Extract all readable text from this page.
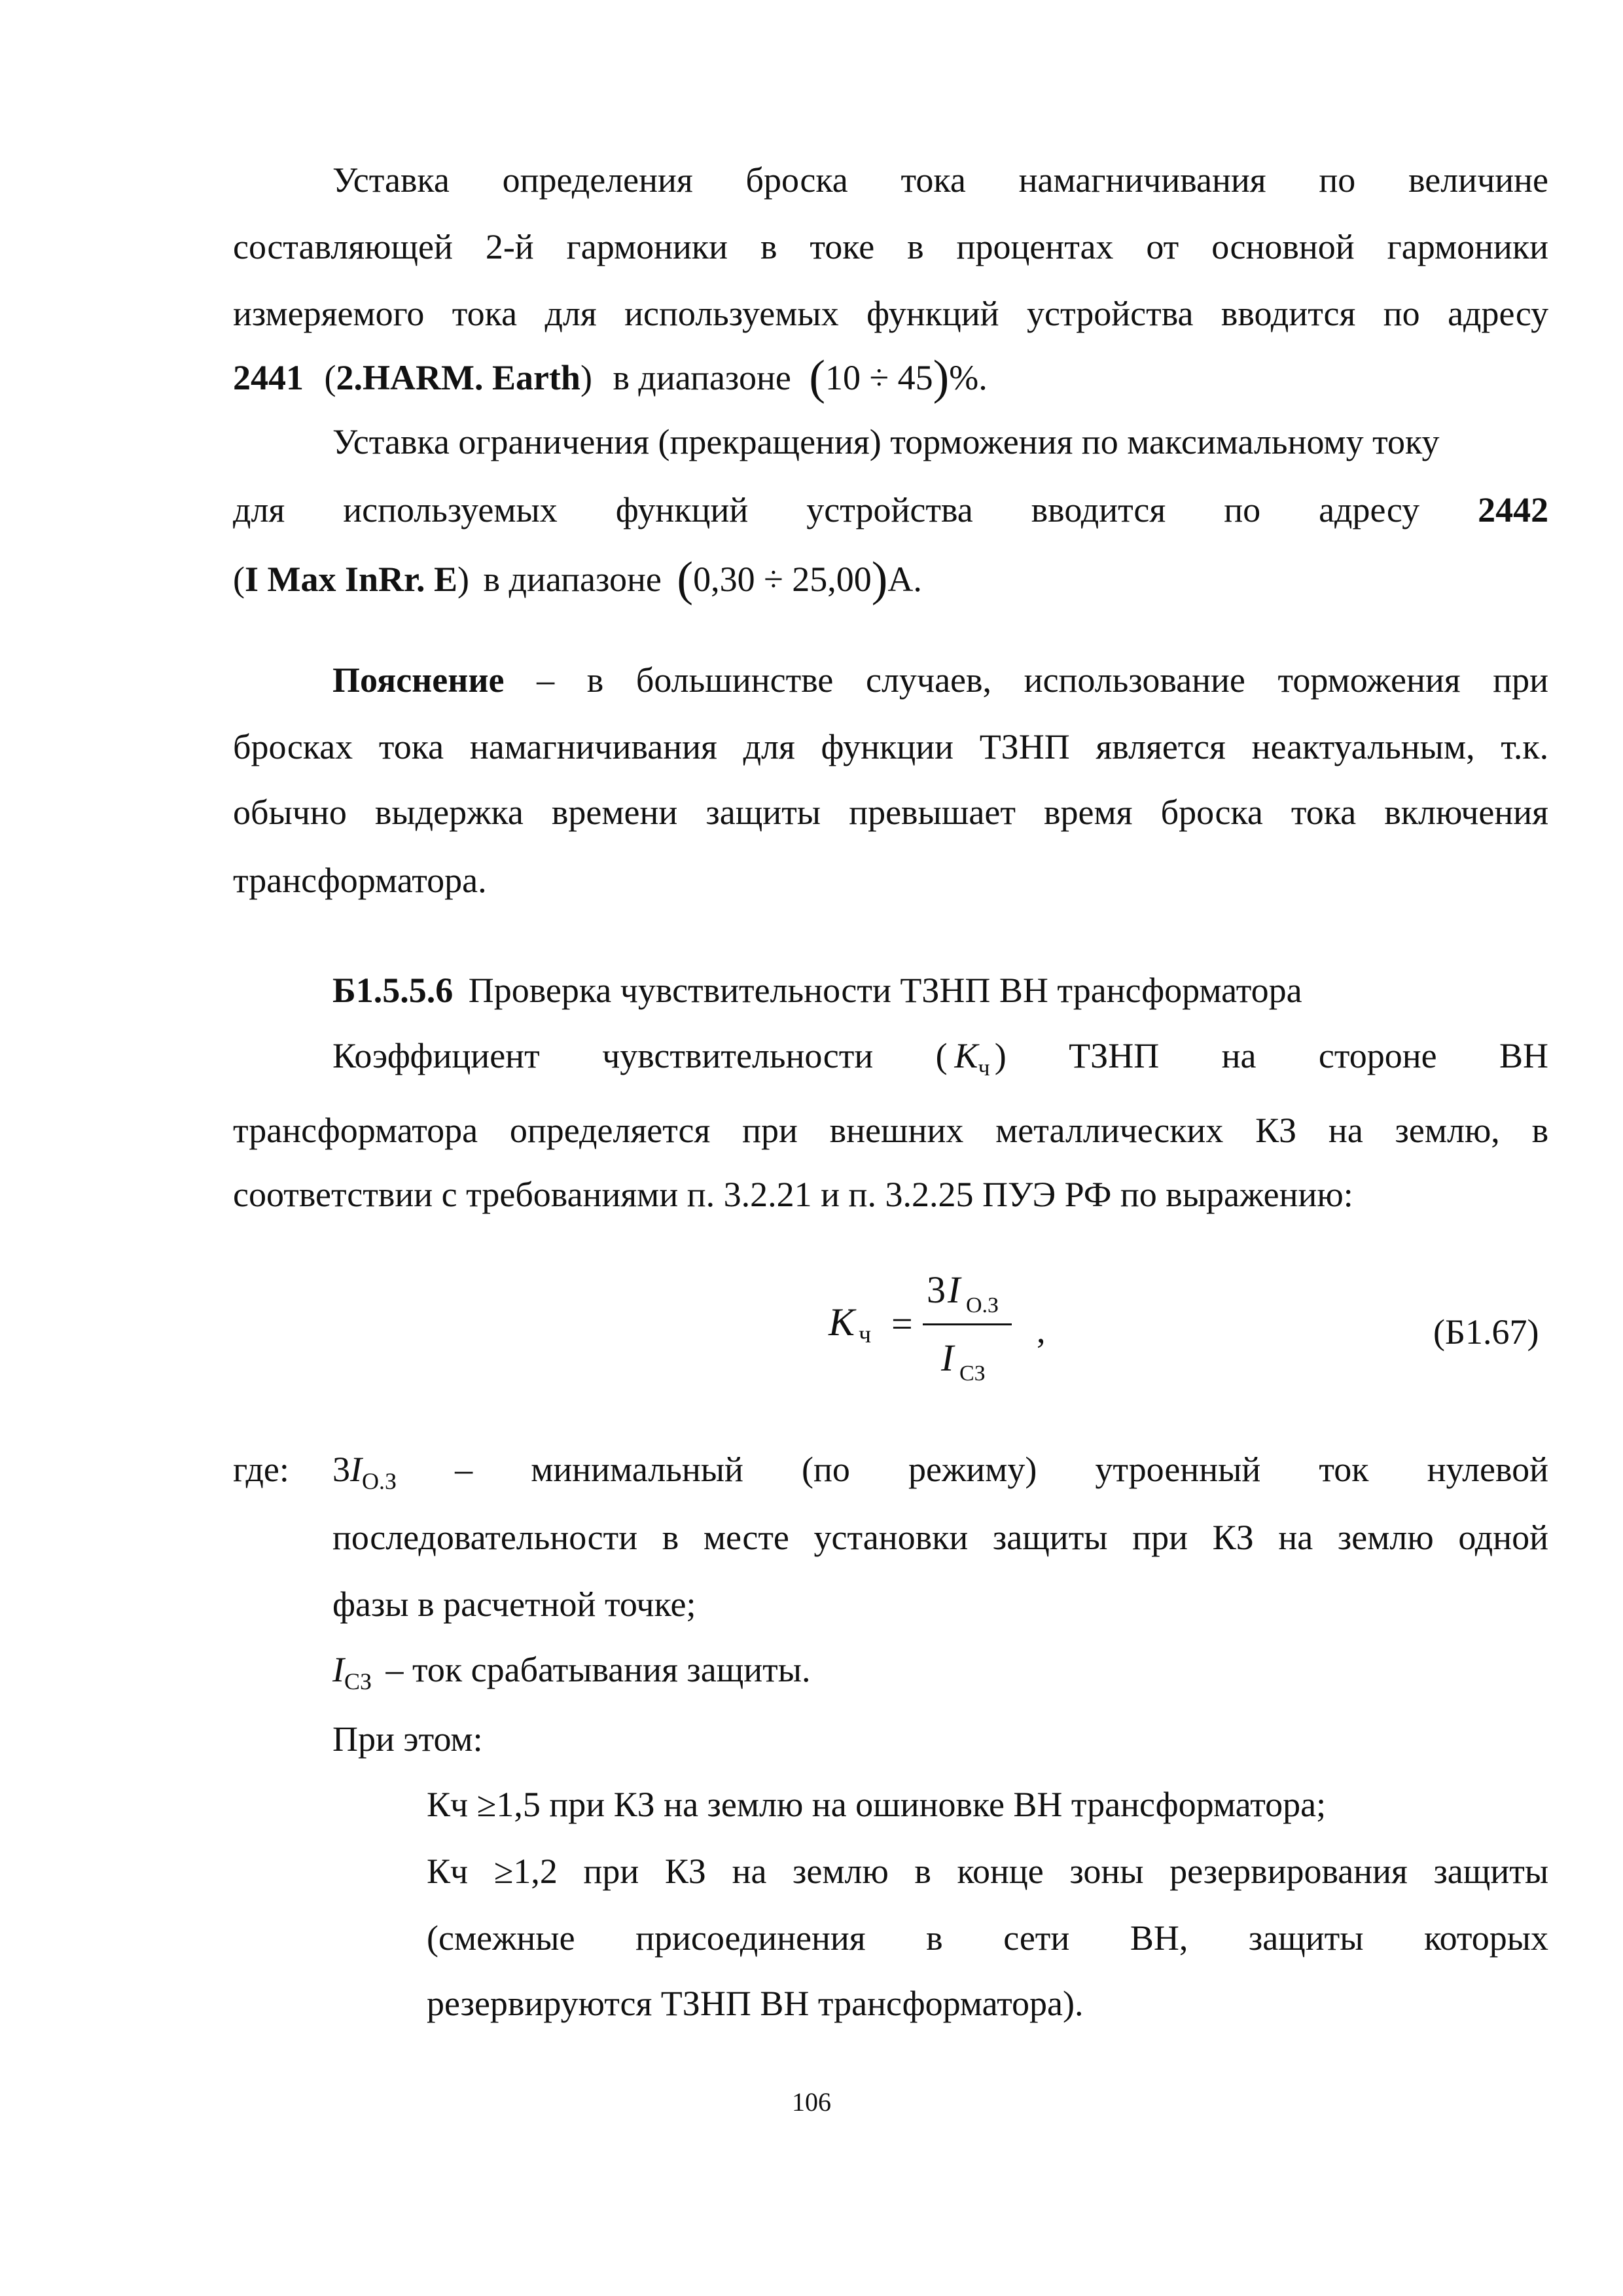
Уставка определения броска тока намагничивания по величине
составляющей 2-й гармоники в токе в процентах от основной гармоники
измеряемого тока для используемых функций устройства вводится по адресу
2441 (2.HARM. Earth) в диапазоне (10 ÷ 45)%.
Уставка ограничения (прекращения) торможения по максимальному току
для используемых функций устройства вводится по адресу 2442
(I Max InRr. E) в диапазоне (0,30 ÷ 25,00)А.
Пояснение – в большинстве случаев, использование торможения при
бросках тока намагничивания для функции ТЗНП является неактуальным, т.к.
обычно выдержка времени защиты превышает время броска тока включения
трансформатора.
Б1.5.5.6 Проверка чувствительности ТЗНП ВН трансформатора
Коэффициент чувствительности ( $K_ч$ ) ТЗНП на стороне ВН
трансформатора определяется при внешних металлических КЗ на землю, в
соответствии с требованиями п. 3.2.21 и п. 3.2.25 ПУЭ РФ по выражению:
K ч =
3 I О.З
I СЗ
,	(Б1.67)
где: $3I_{О.З}$ – минимальный (по режиму) утроенный ток нулевой
последовательности в месте установки защиты при КЗ на землю одной
фазы в расчетной точке;
$I_{СЗ}$ – ток срабатывания защиты.
При этом:
Кч ≥1,5 при КЗ на землю на ошиновке ВН трансформатора;
Кч ≥1,2 при КЗ на землю в конце зоны резервирования защиты
(смежные присоединения в сети ВН, защиты которых
резервируются ТЗНП ВН трансформатора).
106
